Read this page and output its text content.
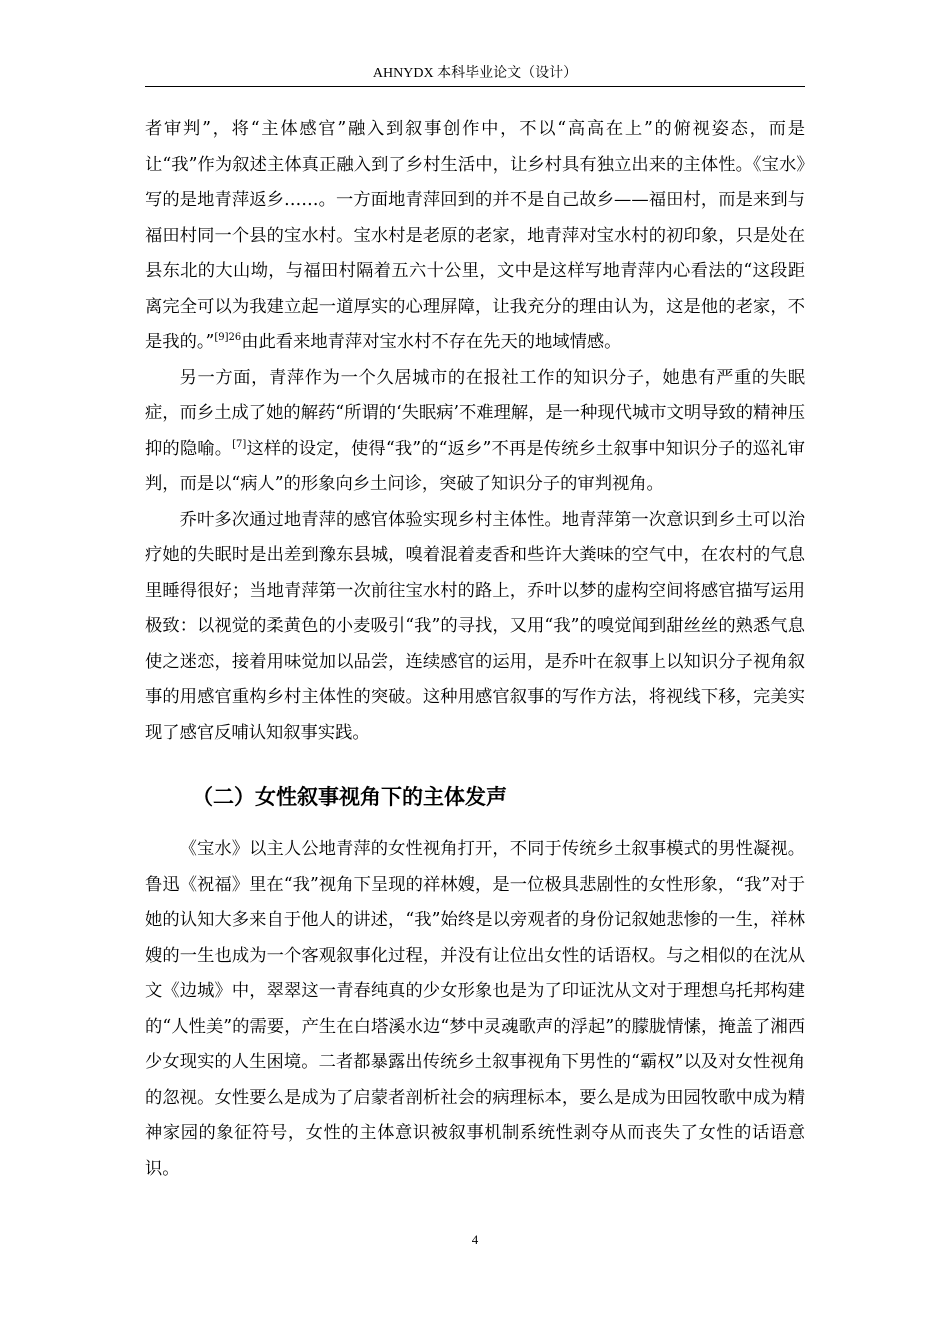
AHNYDX 本科毕业论文（设计）

者审判”，将“主体感官”融入到叙事创作中，不以“高高在上”的俯视姿态，而是让“我”作为叙述主体真正融入到了乡村生活中，让乡村具有独立出来的主体性。《宝水》写的是地青萍返乡……。一方面地青萍回到的并不是自己故乡——福田村，而是来到与福田村同一个县的宝水村。宝水村是老原的老家，地青萍对宝水村的初印象，只是处在县东北的大山坳，与福田村隔着五六十公里，文中是这样写地青萍内心看法的“这段距离完全可以为我建立起一道厚实的心理屏障，让我充分的理由认为，这是他的老家，不是我的。”$^{[9]26}$由此看来地青萍对宝水村不存在先天的地域情感。

另一方面，青萍作为一个久居城市的在报社工作的知识分子，她患有严重的失眠症，而乡土成了她的解药“所谓的‘失眠病’不难理解，是一种现代城市文明导致的精神压抑的隐喻。[7]这样的设定，使得“我”的“返乡”不再是传统乡土叙事中知识分子的巡礼审判，而是以“病人”的形象向乡土问诊，突破了知识分子的审判视角。

乔叶多次通过地青萍的感官体验实现乡村主体性。地青萍第一次意识到乡土可以治疗她的失眠时是出差到豫东县城，嗅着混着麦香和些许大粪味的空气中，在农村的气息里睡得很好；当地青萍第一次前往宝水村的路上，乔叶以梦的虚构空间将感官描写运用极致：以视觉的柔黄色的小麦吸引“我”的寻找，又用“我”的嗅觉闻到甜丝丝的熟悉气息使之迷恋，接着用味觉加以品尝，连续感官的运用，是乔叶在叙事上以知识分子视角叙事的用感官重构乡村主体性的突破。这种用感官叙事的写作方法，将视线下移，完美实现了感官反哺认知叙事实践。

（二）女性叙事视角下的主体发声

《宝水》以主人公地青萍的女性视角打开，不同于传统乡土叙事模式的男性凝视。鲁迅《祝福》里在“我”视角下呈现的祥林嫂，是一位极具悲剧性的女性形象，“我”对于她的认知大多来自于他人的讲述，“我”始终是以旁观者的身份记叙她悲惨的一生，祥林嫂的一生也成为一个客观叙事化过程，并没有让位出女性的话语权。与之相似的在沈从文《边城》中，翠翠这一青春纯真的少女形象也是为了印证沈从文对于理想乌托邦构建的“人性美”的需要，产生在白塔溪水边“梦中灵魂歌声的浮起”的朦胧情愫，掩盖了湘西少女现实的人生困境。二者都暴露出传统乡土叙事视角下男性的“霸权”以及对女性视角的忽视。女性要么是成为了启蒙者剖析社会的病理标本，要么是成为田园牧歌中成为精神家园的象征符号，女性的主体意识被叙事机制系统性剥夺从而丧失了女性的话语意识。

4
